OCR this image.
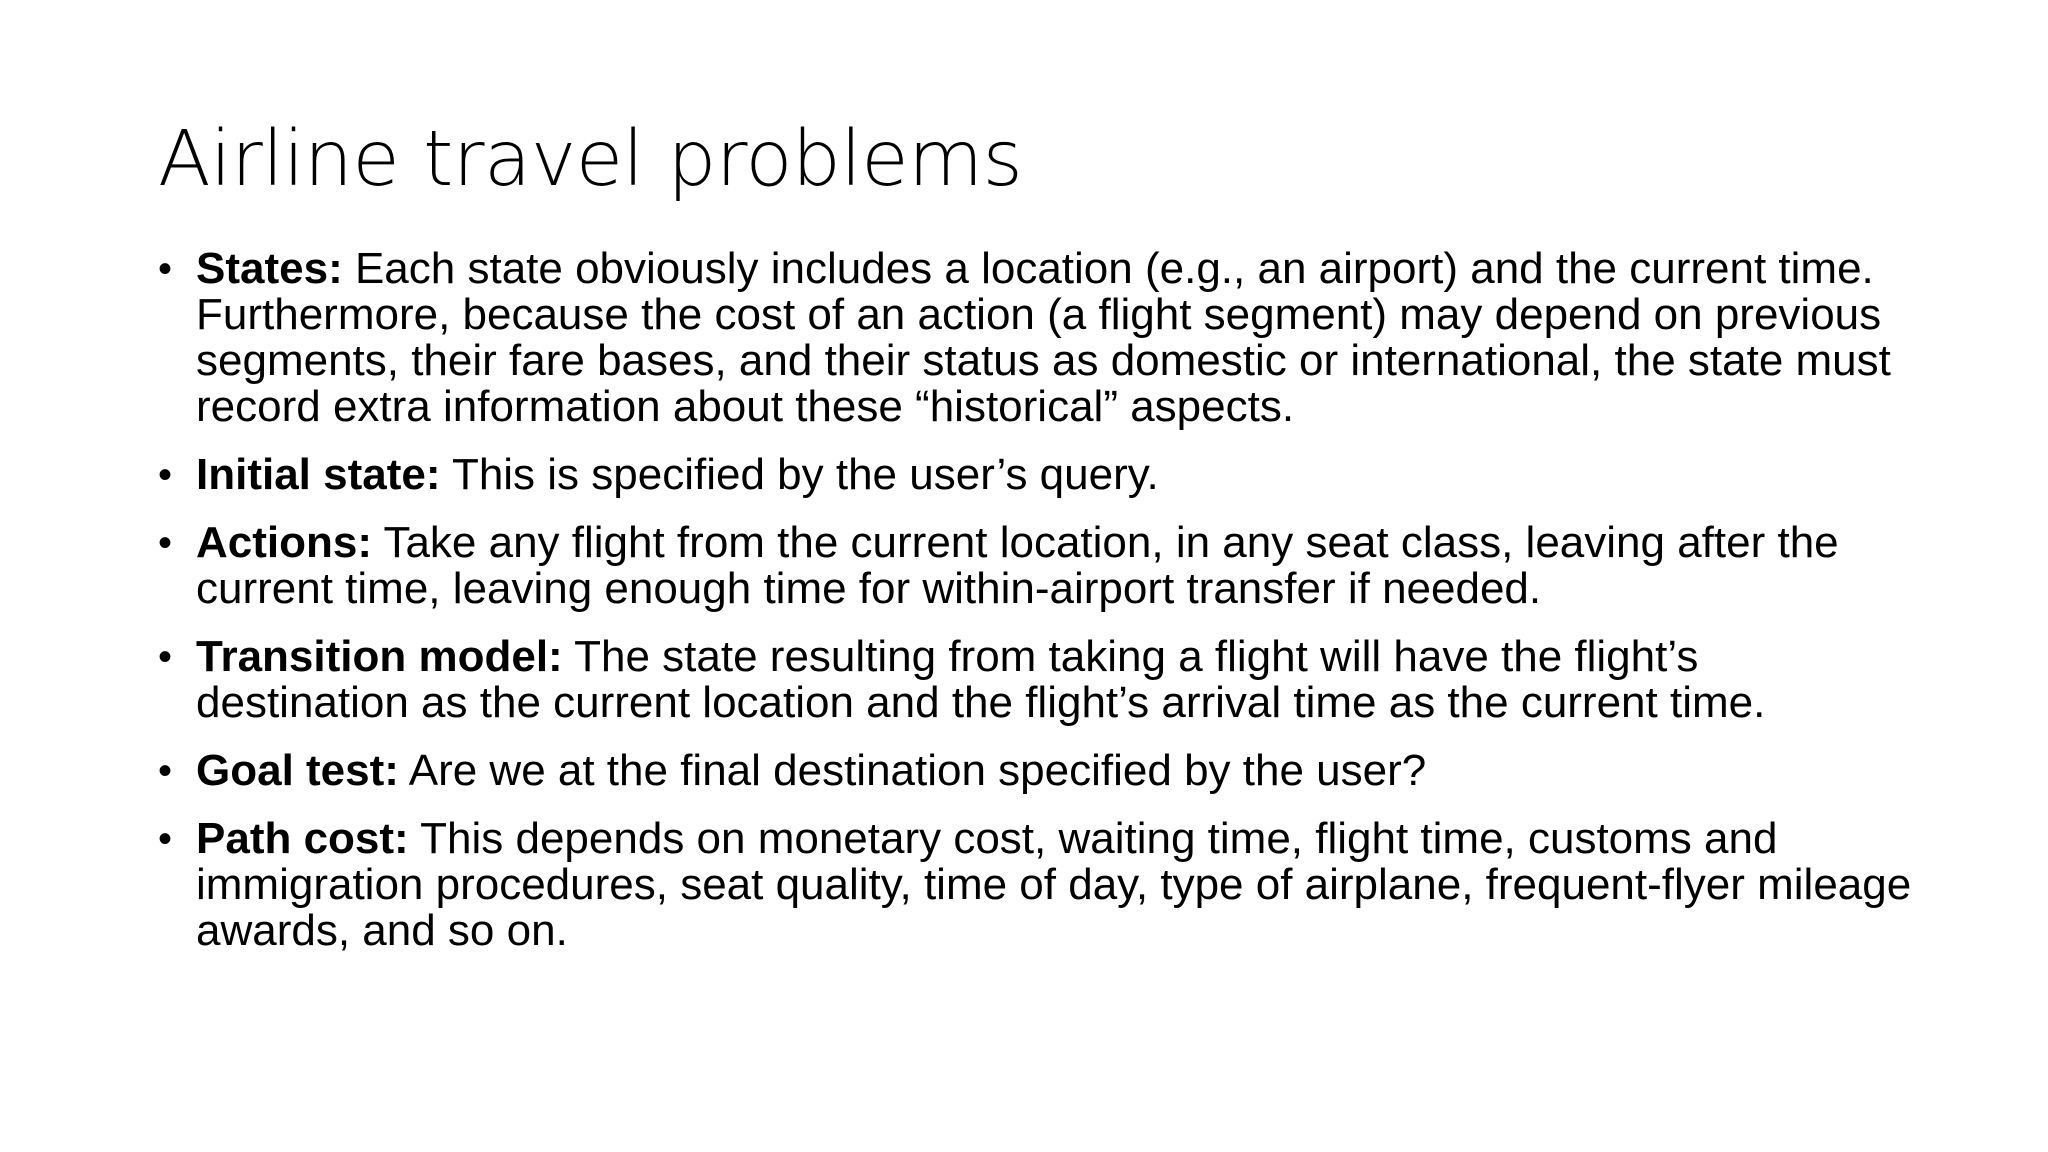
Airline travel problems
• States: Each state obviously includes a location (e.g., an airport) and the current time. Furthermore, because the cost of an action (a flight segment) may depend on previous segments, their fare bases, and their status as domestic or international, the state must record extra information about these “historical” aspects.
• Initial state: This is specified by the user’s query.
• Actions: Take any flight from the current location, in any seat class, leaving after the current time, leaving enough time for within-airport transfer if needed.
• Transition model: The state resulting from taking a flight will have the flight’s destination as the current location and the flight’s arrival time as the current time.
• Goal test: Are we at the final destination specified by the user?
• Path cost: This depends on monetary cost, waiting time, flight time, customs and immigration procedures, seat quality, time of day, type of airplane, frequent-flyer mileage awards, and so on.
